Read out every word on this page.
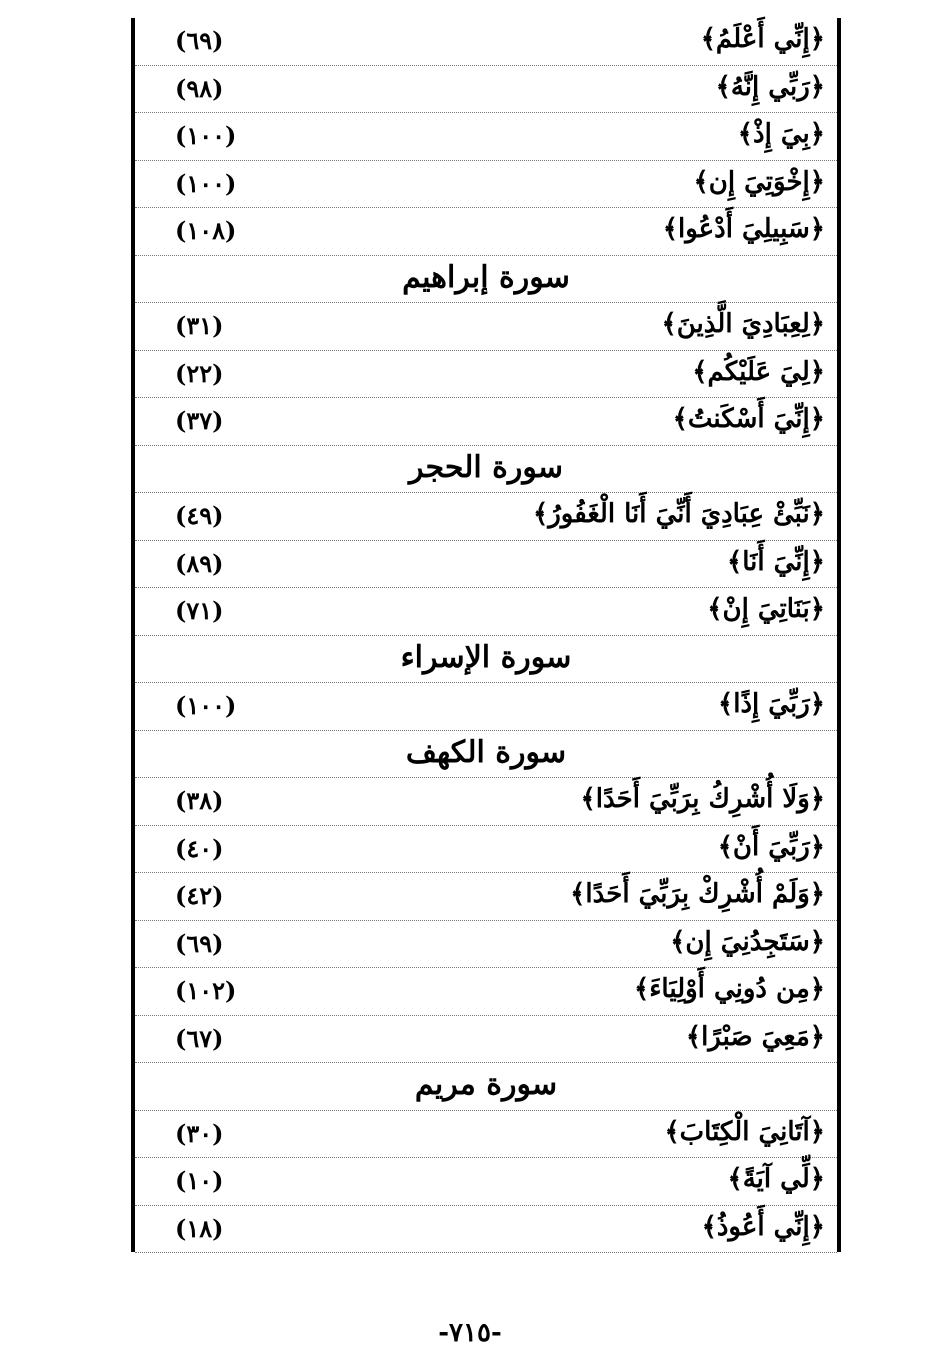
﴿إِنِّي أَعْلَمُ﴾
(٦٩)
﴿رَبِّي إِنَّهُ﴾
(٩٨)
﴿بِيَ إِذْ﴾
(١٠٠)
﴿إِخْوَتِيَ إِن﴾
(١٠٠)
﴿سَبِيلِيَ أَدْعُوا﴾
(١٠٨)
سورة إبراهيم
﴿لِعِبَادِيَ الَّذِينَ﴾
(٣١)
﴿لِيَ عَلَيْكُم﴾
(٢٢)
﴿إِنِّيَ أَسْكَنتُ﴾
(٣٧)
سورة الحجر
﴿نَبِّئْ عِبَادِيَ أَنِّيَ أَنَا الْغَفُورُ﴾
(٤٩)
﴿إِنِّيَ أَنَا﴾
(٨٩)
﴿بَنَاتِيَ إِنْ﴾
(٧١)
سورة الإسراء
﴿رَبِّيَ إِذًا﴾
(١٠٠)
سورة الكهف
﴿وَلَا أُشْرِكُ بِرَبِّيَ أَحَدًا﴾
(٣٨)
﴿رَبِّيَ أَنْ﴾
(٤٠)
﴿وَلَمْ أُشْرِكْ بِرَبِّيَ أَحَدًا﴾
(٤٢)
﴿سَتَجِدُنِيَ إِن﴾
(٦٩)
﴿مِن دُونِي أَوْلِيَاءَ﴾
(١٠٢)
﴿مَعِيَ صَبْرًا﴾
(٦٧)
سورة مريم
﴿آتَانِيَ الْكِتَابَ﴾
(٣٠)
﴿لِّي آيَةً﴾
(١٠)
﴿إِنِّي أَعُوذُ﴾
(١٨)
-٧١٥-
